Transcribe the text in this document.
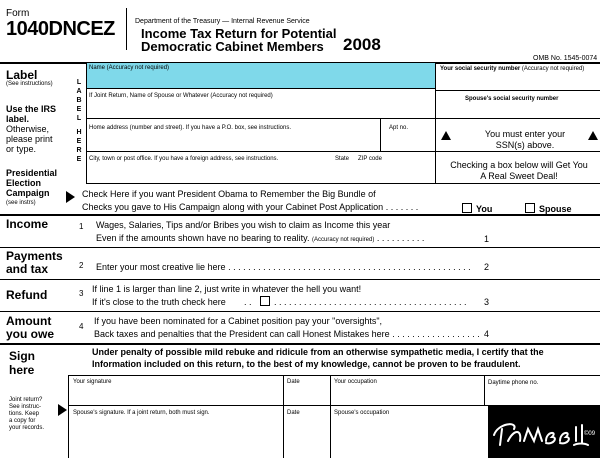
Form
1040DNCEZ	Department of the Treasury — Internal Revenue Service
Income Tax Return for Potential
Democratic Cabinet Members 2008
OMB No. 1545-0074
Label
(See instructions)
Use the IRS
label.
Otherwise,
please print
or type.
LABEL
HERE
Name (Accuracy not required)
If Joint Return, Name of Spouse or Whatever (Accuracy not required)
Home address (number and street). If you have a P.O. box, see instructions.	Apt no.
City, town or post office. If you have a foreign address, see instructions.	State ZIP code
Your social security number (Accuracy not required)
Spouse's social security number
You must enter your
SSN(s) above.
Checking a box below will Get You
A Real Sweet Deal!
Presidential
Election
Campaign
(see instrs)
Check Here if you want President Obama to Remember the Big Bundle of
Checks you gave to His Campaign along with your Cabinet Post Application . . . . . . .	You	Spouse
Income	1 Wages, Salaries, Tips and/or Bribes you wish to claim as Income this year
Even if the amounts shown have no bearing to reality. (Accuracy not required) . . . . . . . . . .	1
Payments
and tax	2 Enter your most creative lie here . . . . . . . . . . . . . . . . . . . . . . . . . . . . . . . . . . . . . . . . . . . . . . . . . 2
Refund	3 If line 1 is larger than line 2, just write in whatever the hell you want!
If it's close to the truth check here . . . . . . . . . . . . . . . . . . . . . . . . . . . . . . . . . . . . . . . . . 3
Amount
you owe
4
If you have been nominated for a Cabinet position pay your "oversights",
Back taxes and penalties that the President can call Honest Mistakes here . . . . . . . . . . . . . . . . . . 4
Sign
here
Under penalty of possible mild rebuke and ridicule from an otherwise sympathetic media, I certify that the
Information included on this return, to the best of my knowledge, cannot be proven to be fraudulent.
Your signature	Date	Your occupation	Daytime phone no.
Joint return?
See instruc-
tions. Keep
a copy for
your records.
Spouse's signature. If a joint return, both must sign.	Date	Spouse's occupation	CAMPBELL
©09
